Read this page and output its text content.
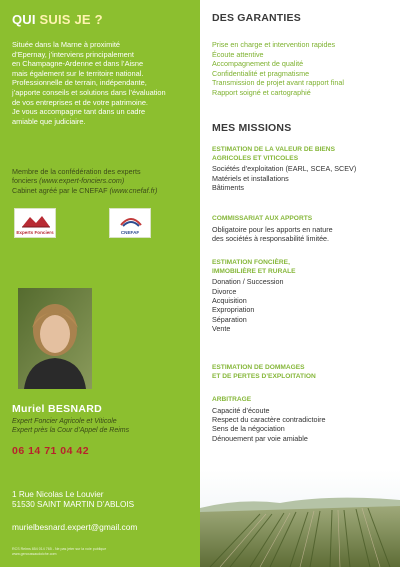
QUI SUIS JE ?
Située dans la Marne à proximité
d’Epernay, j’interviens principalement
en Champagne-Ardenne et dans l’Aisne
mais également sur le territoire national.
Professionnelle de terrain, indépendante,
j’apporte conseils et solutions dans l’évaluation
de vos entreprises et de votre patrimoine.
Je vous accompagne tant dans un cadre
amiable que judiciaire.
Membre de la confédération des experts
fonciers (www.expert-fonciers.com)
Cabinet agréé par le CNEFAF (www.cnefaf.fr)
Experts Fonciers	CNEFAF
Muriel BESNARD
Expert Foncier Agricole et Viticole
Expert près la Cour d’Appel de Reims
06 14 71 04 42
1 Rue Nicolas Le Louvier
51530 SAINT MARTIN D’ABLOIS
murielbesnard.expert@gmail.com
RCS Reims 854 014 765 - Ne pas jeter sur la voie publique
www.genoussaudoiche.com
DES GARANTIES
Prise en charge et intervention rapides
Écoute attentive
Accompagnement de qualité
Confidentialité et pragmatisme
Transmission de projet avant rapport final
Rapport soigné et cartographié
MES MISSIONS
ESTIMATION DE LA VALEUR DE BIENS
AGRICOLES ET VITICOLES
Sociétés d’exploitation (EARL, SCEA, SCEV)
Matériels et installations
Bâtiments
COMMISSARIAT AUX APPORTS
Obligatoire pour les apports en nature
des sociétés à responsabilité limitée.
ESTIMATION FONCIÈRE,
IMMOBILIÈRE ET RURALE
Donation / Succession
Divorce
Acquisition
Expropriation
Séparation
Vente
ESTIMATION DE DOMMAGES
ET DE PERTES D’EXPLOITATION
ARBITRAGE
Capacité d’écoute
Respect du caractère contradictoire
Sens de la négociation
Dénouement par voie amiable
